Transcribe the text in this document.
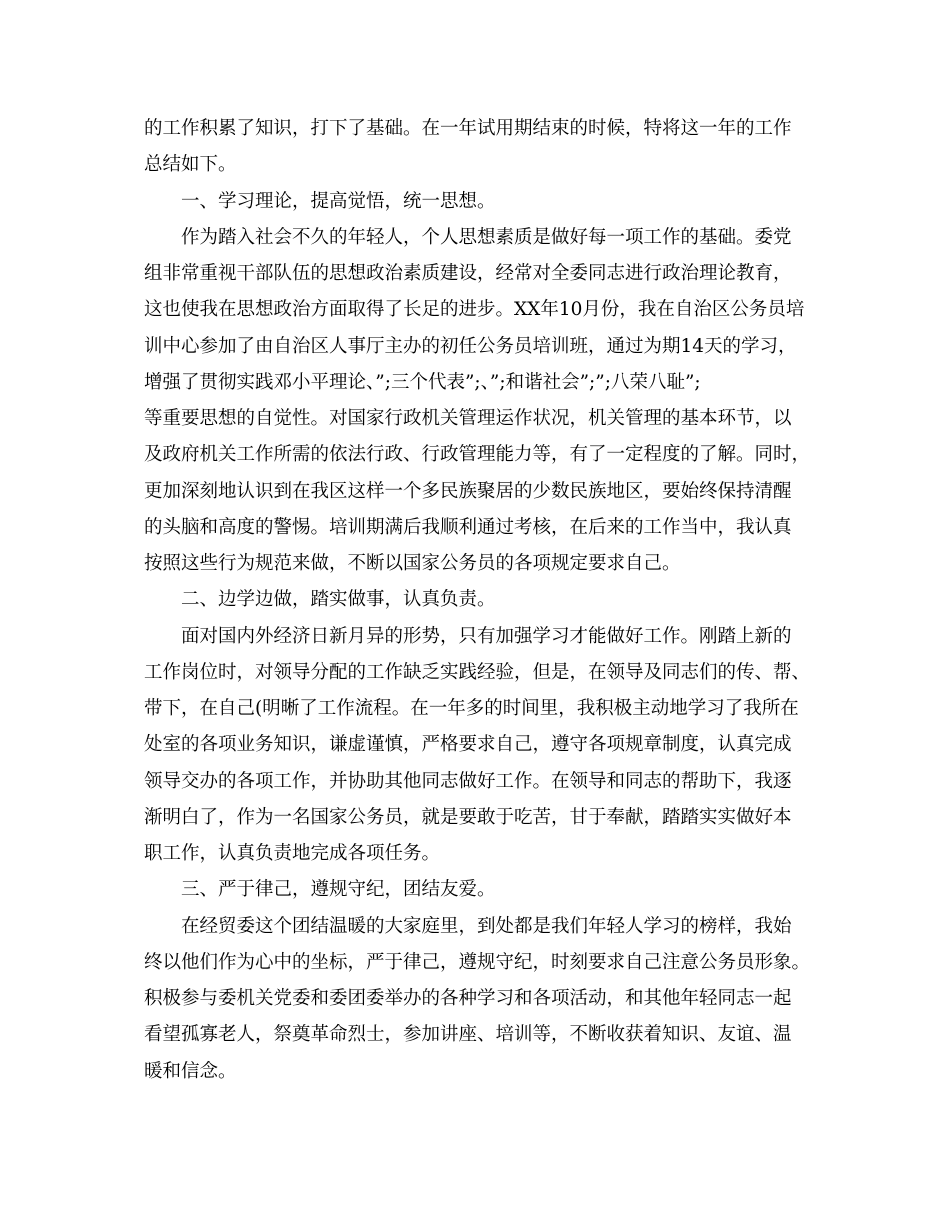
的工作积累了知识，打下了基础。在一年试用期结束的时候，特将这一年的工作
总结如下。
一、学习理论，提高觉悟，统一思想。
作为踏入社会不久的年轻人，个人思想素质是做好每一项工作的基础。委党
组非常重视干部队伍的思想政治素质建设，经常对全委同志进行政治理论教育，
这也使我在思想政治方面取得了长足的进步。XX年10月份，我在自治区公务员培
训中心参加了由自治区人事厅主办的初任公务员培训班，通过为期14天的学习，
增强了贯彻实践邓小平理论、”;三个代表”;、”;和谐社会”;”;八荣八耻”;
等重要思想的自觉性。对国家行政机关管理运作状况，机关管理的基本环节，以
及政府机关工作所需的依法行政、行政管理能力等，有了一定程度的了解。同时，
更加深刻地认识到在我区这样一个多民族聚居的少数民族地区，要始终保持清醒
的头脑和高度的警惕。培训期满后我顺利通过考核，在后来的工作当中，我认真
按照这些行为规范来做，不断以国家公务员的各项规定要求自己。
二、边学边做，踏实做事，认真负责。
面对国内外经济日新月异的形势，只有加强学习才能做好工作。刚踏上新的
工作岗位时，对领导分配的工作缺乏实践经验，但是，在领导及同志们的传、帮、
带下，在自己(明晰了工作流程。在一年多的时间里，我积极主动地学习了我所在
处室的各项业务知识，谦虚谨慎，严格要求自己，遵守各项规章制度，认真完成
领导交办的各项工作，并协助其他同志做好工作。在领导和同志的帮助下，我逐
渐明白了，作为一名国家公务员，就是要敢于吃苦，甘于奉献，踏踏实实做好本
职工作，认真负责地完成各项任务。
三、严于律己，遵规守纪，团结友爱。
在经贸委这个团结温暖的大家庭里，到处都是我们年轻人学习的榜样，我始
终以他们作为心中的坐标，严于律己，遵规守纪，时刻要求自己注意公务员形象。
积极参与委机关党委和委团委举办的各种学习和各项活动，和其他年轻同志一起
看望孤寡老人，祭奠革命烈士，参加讲座、培训等，不断收获着知识、友谊、温
暖和信念。
